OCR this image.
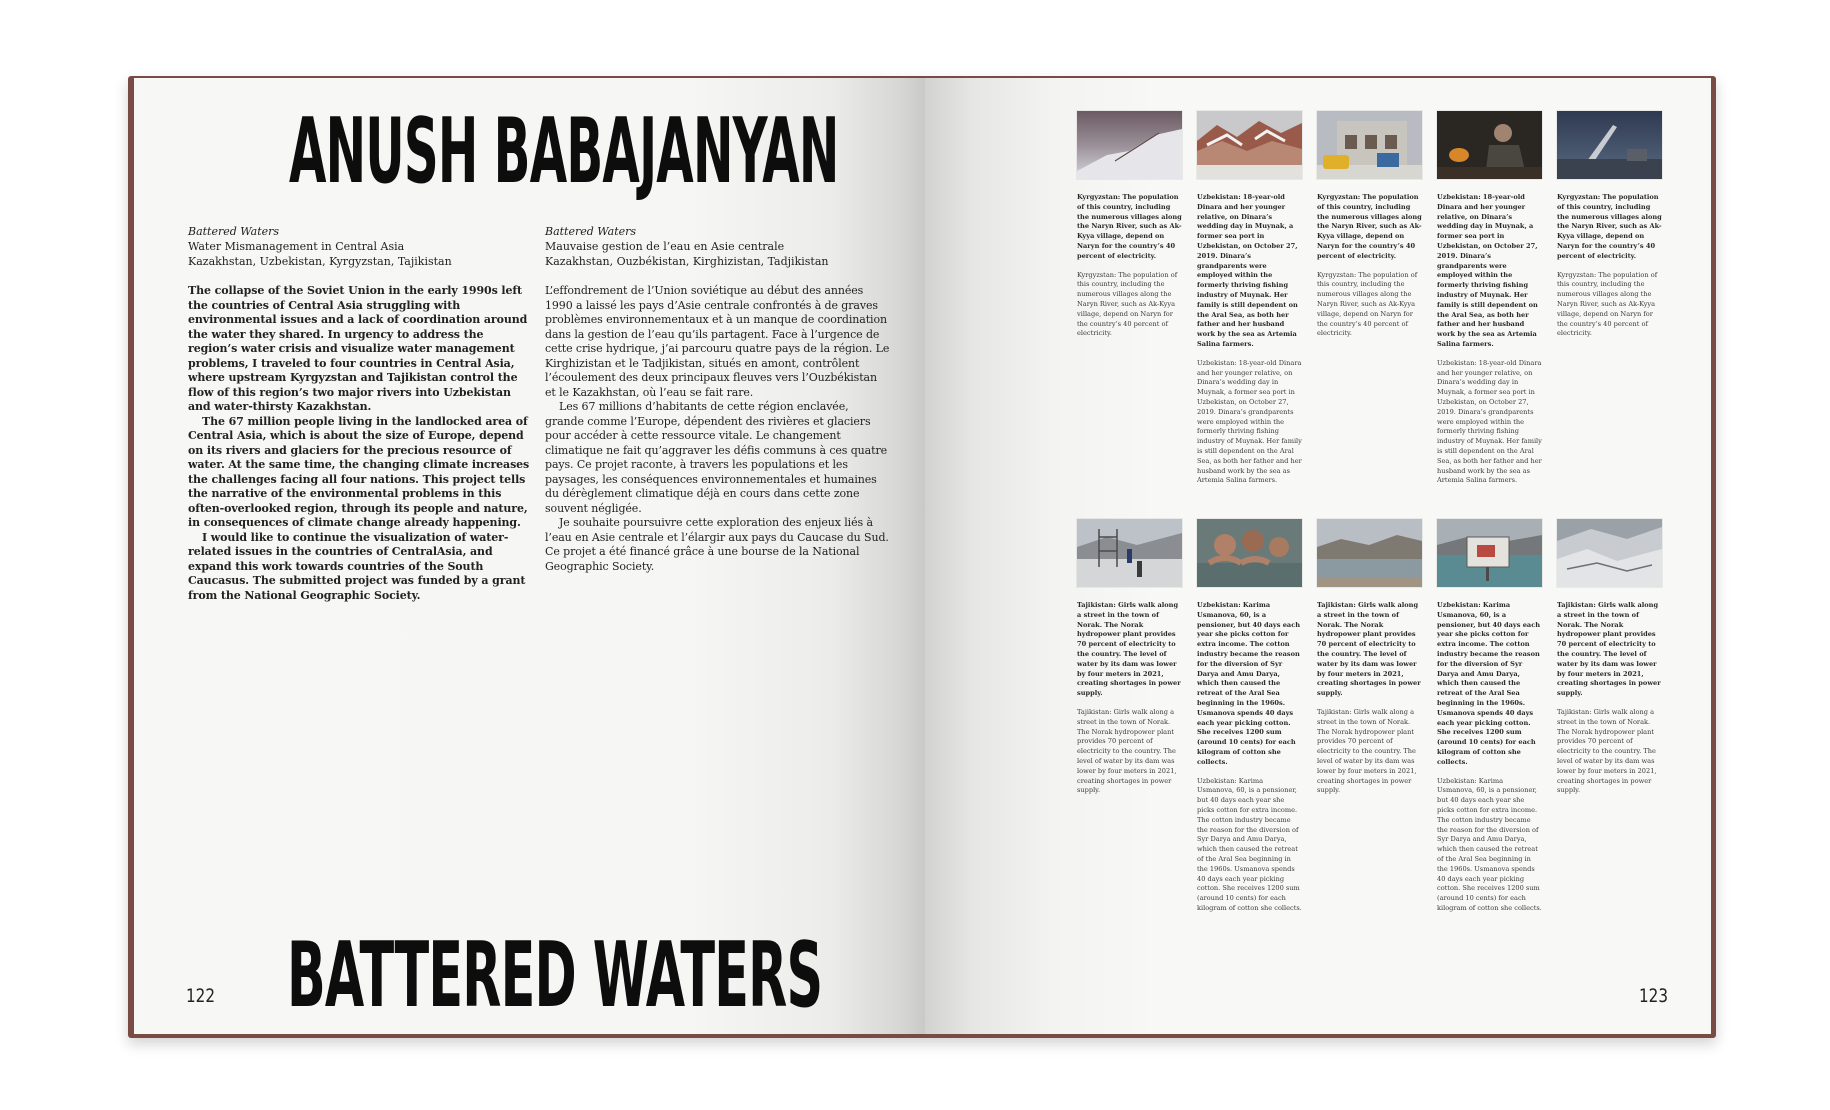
ANUSH BABAJANYAN
Battered Waters
Water Mismanagement in Central Asia
Kazakhstan, Uzbekistan, Kyrgyzstan, Tajikistan

The collapse of the Soviet Union in the early 1990s left the countries of Central Asia struggling with environmental issues and a lack of coordination around the water they shared. In urgency to address the region’s water crisis and visualize water management problems, I traveled to four countries in Central Asia, where upstream Kyrgyzstan and Tajikistan control the flow of this region’s two major rivers into Uzbekistan and water-thirsty Kazakhstan.

The 67 million people living in the landlocked area of Central Asia, which is about the size of Europe, depend on its rivers and glaciers for the precious resource of water. At the same time, the changing climate increases the challenges facing all four nations. This project tells the narrative of the environmental problems in this often-overlooked region, through its people and nature, in consequences of climate change already happening.

I would like to continue the visualization of water-related issues in the countries of CentralAsia, and expand this work towards countries of the South Caucasus. The submitted project was funded by a grant from the National Geographic Society.

Battered Waters
Mauvaise gestion de l’eau en Asie centrale
Kazakhstan, Ouzbékistan, Kirghizistan, Tadjikistan

L’effondrement de l’Union soviétique au début des années 1990 a laissé les pays d’Asie centrale confrontés à de graves problèmes environnementaux et à un manque de coordination dans la gestion de l’eau qu’ils partagent. Face à l’urgence de cette crise hydrique, j’ai parcouru quatre pays de la région. Le Kirghizistan et le Tadjikistan, situés en amont, contrôlent l’écoulement des deux principaux fleuves vers l’Ouzbékistan et le Kazakhstan, où l’eau se fait rare.

Les 67 millions d’habitants de cette région enclavée, grande comme l’Europe, dépendent des rivières et glaciers pour accéder à cette ressource vitale. Le changement climatique ne fait qu’aggraver les défis communs à ces quatre pays. Ce projet raconte, à travers les populations et les paysages, les conséquences environnementales et humaines du dérèglement climatique déjà en cours dans cette zone souvent négligée.

Je souhaite poursuivre cette exploration des enjeux liés à l’eau en Asie centrale et l’élargir aux pays du Caucase du Sud. Ce projet a été financé grâce à une bourse de la National Geographic Society.

BATTERED WATERS
122
Kyrgyzstan: The population of this country, including the numerous villages along the Naryn River, such as Ak-Kyya village, depend on Naryn for the country’s 40 percent of electricity.
Kyrgyzstan: The population of this country, including the numerous villages along the Naryn River, such as Ak-Kyya village, depend on Naryn for the country’s 40 percent of electricity.
Uzbekistan: 18-year-old Dinara and her younger relative, on Dinara’s wedding day in Muynak, a former sea port in Uzbekistan, on October 27, 2019. Dinara’s grandparents were employed within the formerly thriving fishing industry of Muynak. Her family is still dependent on the Aral Sea, as both her father and her husband work by the sea as Artemia Salina farmers.
Uzbekistan: 18-year-old Dinara and her younger relative, on Dinara’s wedding day in Muynak, a former sea port in Uzbekistan, on October 27, 2019. Dinara’s grandparents were employed within the formerly thriving fishing industry of Muynak. Her family is still dependent on the Aral Sea, as both her father and her husband work by the sea as Artemia Salina farmers.
Kyrgyzstan: The population of this country, including the numerous villages along the Naryn River, such as Ak-Kyya village, depend on Naryn for the country’s 40 percent of electricity.
Kyrgyzstan: The population of this country, including the numerous villages along the Naryn River, such as Ak-Kyya village, depend on Naryn for the country’s 40 percent of electricity.
Uzbekistan: 18-year-old Dinara and her younger relative, on Dinara’s wedding day in Muynak, a former sea port in Uzbekistan, on October 27, 2019. Dinara’s grandparents were employed within the formerly thriving fishing industry of Muynak. Her family is still dependent on the Aral Sea, as both her father and her husband work by the sea as Artemia Salina farmers.
Uzbekistan: 18-year-old Dinara and her younger relative, on Dinara’s wedding day in Muynak, a former sea port in Uzbekistan, on October 27, 2019. Dinara’s grandparents were employed within the formerly thriving fishing industry of Muynak. Her family is still dependent on the Aral Sea, as both her father and her husband work by the sea as Artemia Salina farmers.
Kyrgyzstan: The population of this country, including the numerous villages along the Naryn River, such as Ak-Kyya village, depend on Naryn for the country’s 40 percent of electricity.
Kyrgyzstan: The population of this country, including the numerous villages along the Naryn River, such as Ak-Kyya village, depend on Naryn for the country’s 40 percent of electricity.
Tajikistan: Girls walk along a street in the town of Norak. The Norak hydropower plant provides 70 percent of electricity to the country. The level of water by its dam was lower by four meters in 2021, creating shortages in power supply.
Tajikistan: Girls walk along a street in the town of Norak. The Norak hydropower plant provides 70 percent of electricity to the country. The level of water by its dam was lower by four meters in 2021, creating shortages in power supply.
Uzbekistan: Karima Usmanova, 60, is a pensioner, but 40 days each year she picks cotton for extra income. The cotton industry became the reason for the diversion of Syr Darya and Amu Darya, which then caused the retreat of the Aral Sea beginning in the 1960s. Usmanova spends 40 days each year picking cotton. She receives 1200 sum (around 10 cents) for each kilogram of cotton she collects.
Uzbekistan: Karima Usmanova, 60, is a pensioner, but 40 days each year she picks cotton for extra income. The cotton industry became the reason for the diversion of Syr Darya and Amu Darya, which then caused the retreat of the Aral Sea beginning in the 1960s. Usmanova spends 40 days each year picking cotton. She receives 1200 sum (around 10 cents) for each kilogram of cotton she collects.
Tajikistan: Girls walk along a street in the town of Norak. The Norak hydropower plant provides 70 percent of electricity to the country. The level of water by its dam was lower by four meters in 2021, creating shortages in power supply.
Tajikistan: Girls walk along a street in the town of Norak. The Norak hydropower plant provides 70 percent of electricity to the country. The level of water by its dam was lower by four meters in 2021, creating shortages in power supply.
Uzbekistan: Karima Usmanova, 60, is a pensioner, but 40 days each year she picks cotton for extra income. The cotton industry became the reason for the diversion of Syr Darya and Amu Darya, which then caused the retreat of the Aral Sea beginning in the 1960s. Usmanova spends 40 days each year picking cotton. She receives 1200 sum (around 10 cents) for each kilogram of cotton she collects.
Uzbekistan: Karima Usmanova, 60, is a pensioner, but 40 days each year she picks cotton for extra income. The cotton industry became the reason for the diversion of Syr Darya and Amu Darya, which then caused the retreat of the Aral Sea beginning in the 1960s. Usmanova spends 40 days each year picking cotton. She receives 1200 sum (around 10 cents) for each kilogram of cotton she collects.
Tajikistan: Girls walk along a street in the town of Norak. The Norak hydropower plant provides 70 percent of electricity to the country. The level of water by its dam was lower by four meters in 2021, creating shortages in power supply.
Tajikistan: Girls walk along a street in the town of Norak. The Norak hydropower plant provides 70 percent of electricity to the country. The level of water by its dam was lower by four meters in 2021, creating shortages in power supply.
123
